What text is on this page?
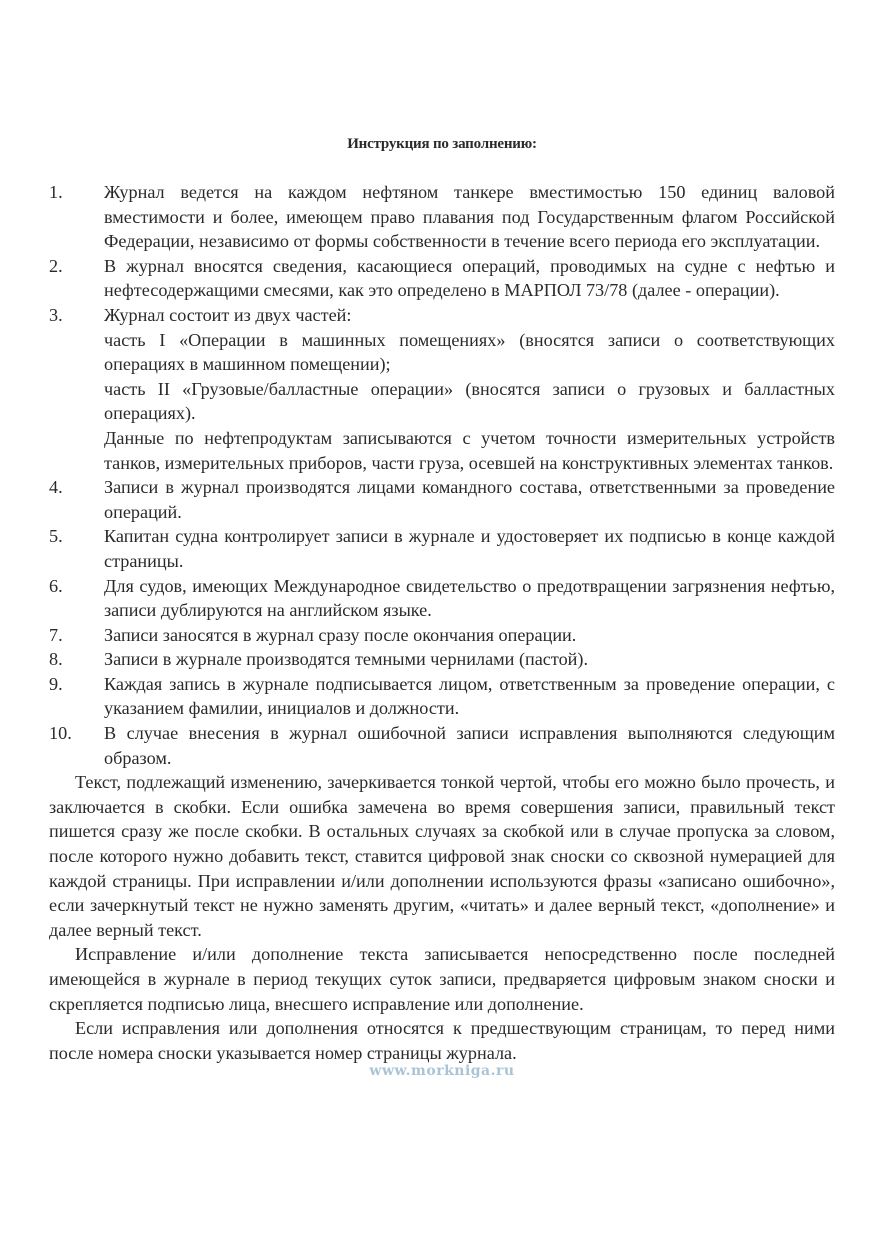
Инструкция по заполнению:
1.	Журнал ведется на каждом нефтяном танкере вместимостью 150 единиц валовой вместимости и более, имеющем право плавания под Государственным флагом Российской Федерации, независимо от формы собственности в течение всего периода его эксплуатации.

2.	В журнал вносятся сведения, касающиеся операций, проводимых на судне с нефтью и нефтесодержащими смесями, как это определено в МАРПОЛ 73/78 (далее - операции).

3.	Журнал состоит из двух частей:

часть I «Операции в машинных помещениях» (вносятся записи о соответствующих операциях в машинном помещении);

часть II «Грузовые/балластные операции» (вносятся записи о грузовых и балластных операциях).

Данные по нефтепродуктам записываются с учетом точности измерительных устройств танков, измерительных приборов, части груза, осевшей на конструктивных элементах танков.

4.	Записи в журнал производятся лицами командного состава, ответственными за проведение операций.

5.	Капитан судна контролирует записи в журнале и удостоверяет их подписью в конце каждой страницы.

6.	Для судов, имеющих Международное свидетельство о предотвращении загрязнения нефтью, записи дублируются на английском языке.

7.	Записи заносятся в журнал сразу после окончания операции.

8.	Записи в журнале производятся темными чернилами (пастой).

9.	Каждая запись в журнале подписывается лицом, ответственным за проведение операции, с указанием фамилии, инициалов и должности.

10.	В случае внесения в журнал ошибочной записи исправления выполняются следующим образом.

Текст, подлежащий изменению, зачеркивается тонкой чертой, чтобы его можно было прочесть, и заключается в скобки. Если ошибка замечена во время совершения записи, правильный текст пишется сразу же после скобки. В остальных случаях за скобкой или в случае пропуска за словом, после которого нужно добавить текст, ставится цифровой знак сноски со сквозной нумерацией для каждой страницы. При исправлении и/или дополнении используются фразы «записано ошибочно», если зачеркнутый текст не нужно заменять другим, «читать» и далее верный текст, «дополнение» и далее верный текст.

Исправление и/или дополнение текста записывается непосредственно после последней имеющейся в журнале в период текущих суток записи, предваряется цифровым знаком сноски и скрепляется подписью лица, внесшего исправление или дополнение.

Если исправления или дополнения относятся к предшествующим страницам, то перед ними после номера сноски указывается номер страницы журнала.

www.morkniga.ru
